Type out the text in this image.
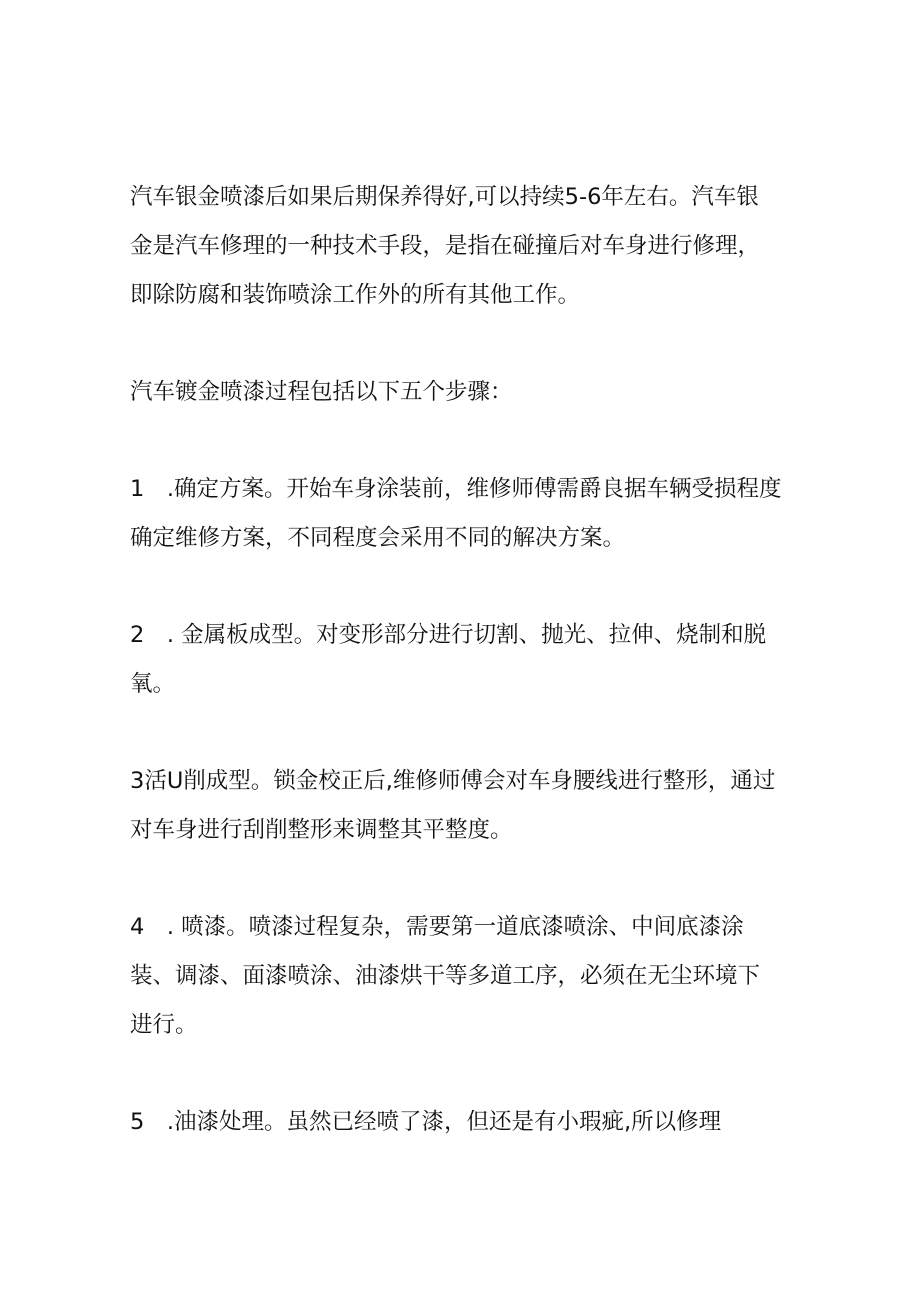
汽车银金喷漆后如果后期保养得好,可以持续5-6年左右。汽车银
金是汽车修理的一种技术手段，是指在碰撞后对车身进行修理，
即除防腐和装饰喷涂工作外的所有其他工作。

汽车镀金喷漆过程包括以下五个步骤：

1　.确定方案。开始车身涂装前，维修师傅需爵良据车辆受损程度
确定维修方案，不同程度会采用不同的解决方案。

2　. 金属板成型。对变形部分进行切割、抛光、拉伸、烧制和脱
氧。

3活U削成型。锁金校正后,维修师傅会对车身腰线进行整形，通过
对车身进行刮削整形来调整其平整度。

4　. 喷漆。喷漆过程复杂，需要第一道底漆喷涂、中间底漆涂
装、调漆、面漆喷涂、油漆烘干等多道工序，必须在无尘环境下
进行。

5　.油漆处理。虽然已经喷了漆，但还是有小瑕疵,所以修理
